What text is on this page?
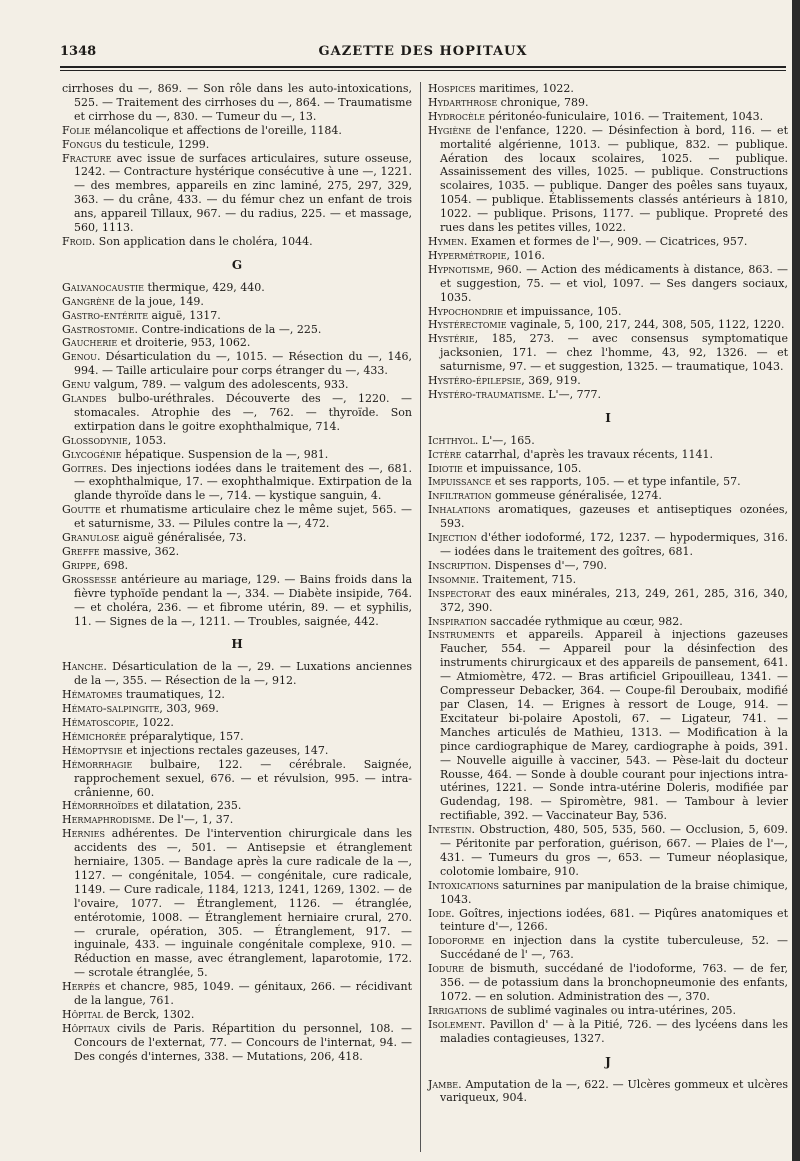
1348	GAZETTE DES HOPITAUX

cirrhoses du —, 869. — Son rôle dans les auto-intoxications, 525. — Traitement des cirrhoses du —, 864. — Traumatisme et cirrhose du —, 830. — Tumeur du —, 13.

Folie mélancolique et affections de l'oreille, 1184.

Fongus du testicule, 1299.

Fracture avec issue de surfaces articulaires, suture osseuse, 1242. — Contracture hystérique consécutive à une —, 1221. — des membres, appareils en zinc laminé, 275, 297, 329, 363. — du crâne, 433. — du fémur chez un enfant de trois ans, appareil Tillaux, 967. — du radius, 225. — et massage, 560, 1113.

Froid. Son application dans le choléra, 1044.

G

Galvanocaustie thermique, 429, 440.

Gangrène de la joue, 149.

Gastro-entérite aiguë, 1317.

Gastrostomie. Contre-indications de la —, 225.

Gaucherie et droiterie, 953, 1062.

Genou. Désarticulation du —, 1015. — Résection du —, 146, 994. — Taille articulaire pour corps étranger du —, 433.

Genu valgum, 789. — valgum des adolescents, 933.

Glandes bulbo-uréthrales. Découverte des —, 1220. — stomacales. Atrophie des —, 762. — thyroïde. Son extirpation dans le goitre exophthalmique, 714.

Glossodynie, 1053.

Glycogénie hépatique. Suspension de la —, 981.

Goitres. Des injections iodées dans le traitement des —, 681. — exophthalmique, 17. — exophthalmique. Extirpation de la glande thyroïde dans le —, 714. — kystique sanguin, 4.

Goutte et rhumatisme articulaire chez le même sujet, 565. — et saturnisme, 33. — Pilules contre la —, 472.

Granulose aiguë généralisée, 73.

Greffe massive, 362.

Grippe, 698.

Grossesse antérieure au mariage, 129. — Bains froids dans la fièvre typhoïde pendant la —, 334. — Diabète insipide, 764. — et choléra, 236. — et fibrome utérin, 89. — et syphilis, 11. — Signes de la —, 1211. — Troubles, saignée, 442.

H

Hanche. Désarticulation de la —, 29. — Luxations anciennes de la —, 355. — Résection de la —, 912.

Hématomes traumatiques, 12.

Hémato-salpingite, 303, 969.

Hématoscopie, 1022.

Hémichorée préparalytique, 157.

Hémoptysie et injections rectales gazeuses, 147.

Hémorrhagie bulbaire, 122. — cérébrale. Saignée, rapprochement sexuel, 676. — et révulsion, 995. — intra-crânienne, 60.

Hémorrhoïdes et dilatation, 235.

Hermaphrodisme. De l'—, 1, 37.

Hernies adhérentes. De l'intervention chirurgicale dans les accidents des —, 501. — Antisepsie et étranglement herniaire, 1305. — Bandage après la cure radicale de la —, 1127. — congénitale, 1054. — congénitale, cure radicale, 1149. — Cure radicale, 1184, 1213, 1241, 1269, 1302. — de l'ovaire, 1077. — Étranglement, 1126. — étranglée, entérotomie, 1008. — Étranglement herniaire crural, 270. — crurale, opération, 305. — Étranglement, 917. — inguinale, 433. — inguinale congénitale complexe, 910. — Réduction en masse, avec étranglement, laparotomie, 172. — scrotale étranglée, 5.

Herpès et chancre, 985, 1049. — génitaux, 266. — récidivant de la langue, 761.

Hôpital de Berck, 1302.

Hôpitaux civils de Paris. Répartition du personnel, 108. — Concours de l'externat, 77. — Concours de l'internat, 94. — Des congés d'internes, 338. — Mutations, 206, 418.

Hospices maritimes, 1022.

Hydarthrose chronique, 789.

Hydrocèle péritonéo-funiculaire, 1016. — Traitement, 1043.

Hygiène de l'enfance, 1220. — Désinfection à bord, 116. — et mortalité algérienne, 1013. — publique, 832. — publique. Aération des locaux scolaires, 1025. — publique. Assainissement des villes, 1025. — publique. Constructions scolaires, 1035. — publique. Danger des poêles sans tuyaux, 1054. — publique. Établissements classés antérieurs à 1810, 1022. — publique. Prisons, 1177. — publique. Propreté des rues dans les petites villes, 1022.

Hymen. Examen et formes de l'—, 909. — Cicatrices, 957.

Hypermétropie, 1016.

Hypnotisme, 960. — Action des médicaments à distance, 863. — et suggestion, 75. — et viol, 1097. — Ses dangers sociaux, 1035.

Hypochondrie et impuissance, 105.

Hystérectomie vaginale, 5, 100, 217, 244, 308, 505, 1122, 1220.

Hystérie, 185, 273. — avec consensus symptomatique jacksonien, 171. — chez l'homme, 43, 92, 1326. — et saturnisme, 97. — et suggestion, 1325. — traumatique, 1043.

Hystéro-épilepsie, 369, 919.

Hystéro-traumatisme. L'—, 777.

I

Ichthyol. L'—, 165.

Ictère catarrhal, d'après les travaux récents, 1141.

Idiotie et impuissance, 105.

Impuissance et ses rapports, 105. — et type infantile, 57.

Infiltration gommeuse généralisée, 1274.

Inhalations aromatiques, gazeuses et antiseptiques ozonées, 593.

Injection d'éther iodoformé, 172, 1237. — hypodermiques, 316. — iodées dans le traitement des goîtres, 681.

Inscription. Dispenses d'—, 790.

Insomnie. Traitement, 715.

Inspectorat des eaux minérales, 213, 249, 261, 285, 316, 340, 372, 390.

Inspiration saccadée rythmique au cœur, 982.

Instruments et appareils. Appareil à injections gazeuses Faucher, 554. — Appareil pour la désinfection des instruments chirurgicaux et des appareils de pansement, 641. — Atmiomètre, 472. — Bras artificiel Gripouilleau, 1341. — Compresseur Debacker, 364. — Coupe-fil Deroubaix, modifié par Clasen, 14. — Erignes à ressort de Louge, 914. — Excitateur bi-polaire Apostoli, 67. — Ligateur, 741. — Manches articulés de Mathieu, 1313. — Modification à la pince cardiographique de Marey, cardiographe à poids, 391. — Nouvelle aiguille à vacciner, 543. — Pèse-lait du docteur Rousse, 464. — Sonde à double courant pour injections intra-utérines, 1221. — Sonde intra-utérine Doleris, modifiée par Gudendag, 198. — Spiromètre, 981. — Tambour à levier rectifiable, 392. — Vaccinateur Bay, 536.

Intestin. Obstruction, 480, 505, 535, 560. — Occlusion, 5, 609. — Péritonite par perforation, guérison, 667. — Plaies de l'—, 431. — Tumeurs du gros —, 653. — Tumeur néoplasique, colotomie lombaire, 910.

Intoxications saturnines par manipulation de la braise chimique, 1043.

Iode. Goîtres, injections iodées, 681. — Piqûres anatomiques et teinture d'—, 1266.

Iodoforme en injection dans la cystite tuberculeuse, 52. — Succédané de l' —, 763.

Iodure de bismuth, succédané de l'iodoforme, 763. — de fer, 356. — de potassium dans la bronchopneumonie des enfants, 1072. — en solution. Administration des —, 370.

Irrigations de sublimé vaginales ou intra-utérines, 205.

Isolement. Pavillon d' — à la Pitié, 726. — des lycéens dans les maladies contagieuses, 1327.

J

Jambe. Amputation de la —, 622. — Ulcères gommeux et ulcères variqueux, 904.
